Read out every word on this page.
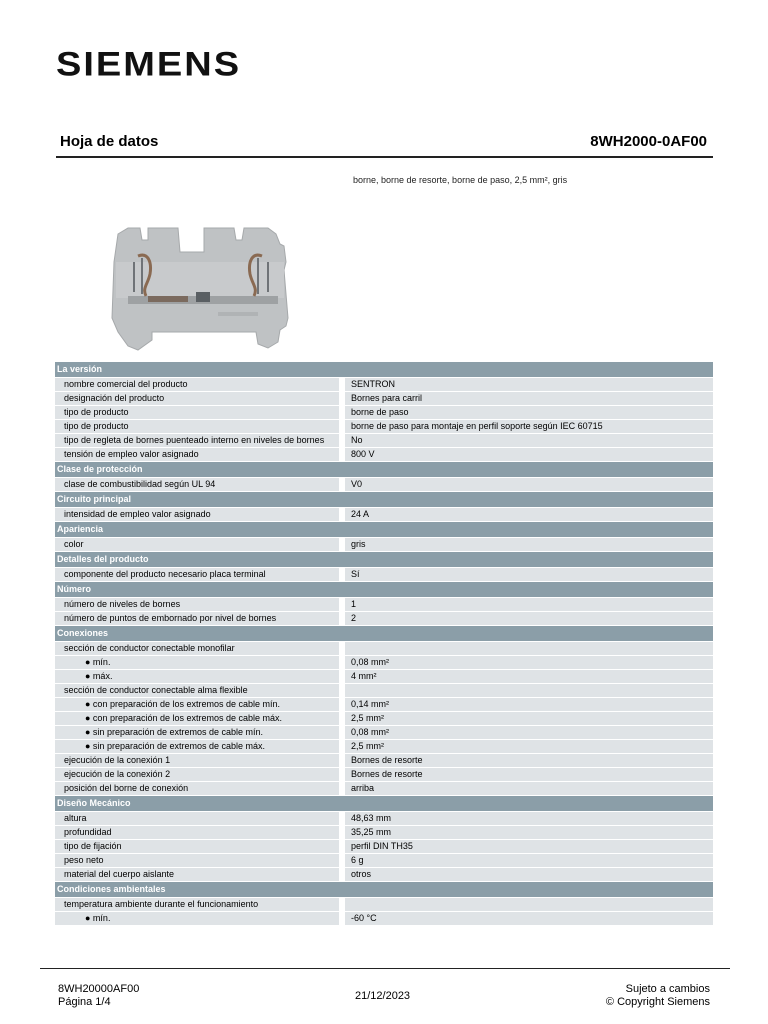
SIEMENS
Hoja de datos	8WH2000-0AF00
borne, borne de resorte, borne de paso, 2,5 mm², gris
La versión	
nombre comercial del producto	SENTRON
designación del producto	Bornes para carril
tipo de producto	borne de paso
tipo de producto	borne de paso para montaje en perfil soporte según IEC 60715
tipo de regleta de bornes puenteado interno en niveles de bornes	No
tensión de empleo valor asignado	800 V
Clase de protección	
clase de combustibilidad según UL 94	V0
Circuito principal	
intensidad de empleo valor asignado	24 A
Apariencia	
color	gris
Detalles del producto	
componente del producto necesario placa terminal	Sí
Número	
número de niveles de bornes	1
número de puntos de embornado por nivel de bornes	2
Conexiones	
sección de conductor conectable monofilar	
● mín.	0,08 mm²
● máx.	4 mm²
sección de conductor conectable alma flexible	
● con preparación de los extremos de cable mín.	0,14 mm²
● con preparación de los extremos de cable máx.	2,5 mm²
● sin preparación de extremos de cable mín.	0,08 mm²
● sin preparación de extremos de cable máx.	2,5 mm²
ejecución de la conexión 1	Bornes de resorte
ejecución de la conexión 2	Bornes de resorte
posición del borne de conexión	arriba
Diseño Mecánico	
altura	48,63 mm
profundidad	35,25 mm
tipo de fijación	perfil DIN TH35
peso neto	6 g
material del cuerpo aislante	otros
Condiciones ambientales	
temperatura ambiente durante el funcionamiento	
● mín.	-60 °C
8WH20000AF00
Página 1/4	21/12/2023
Sujeto a cambios
© Copyright Siemens
